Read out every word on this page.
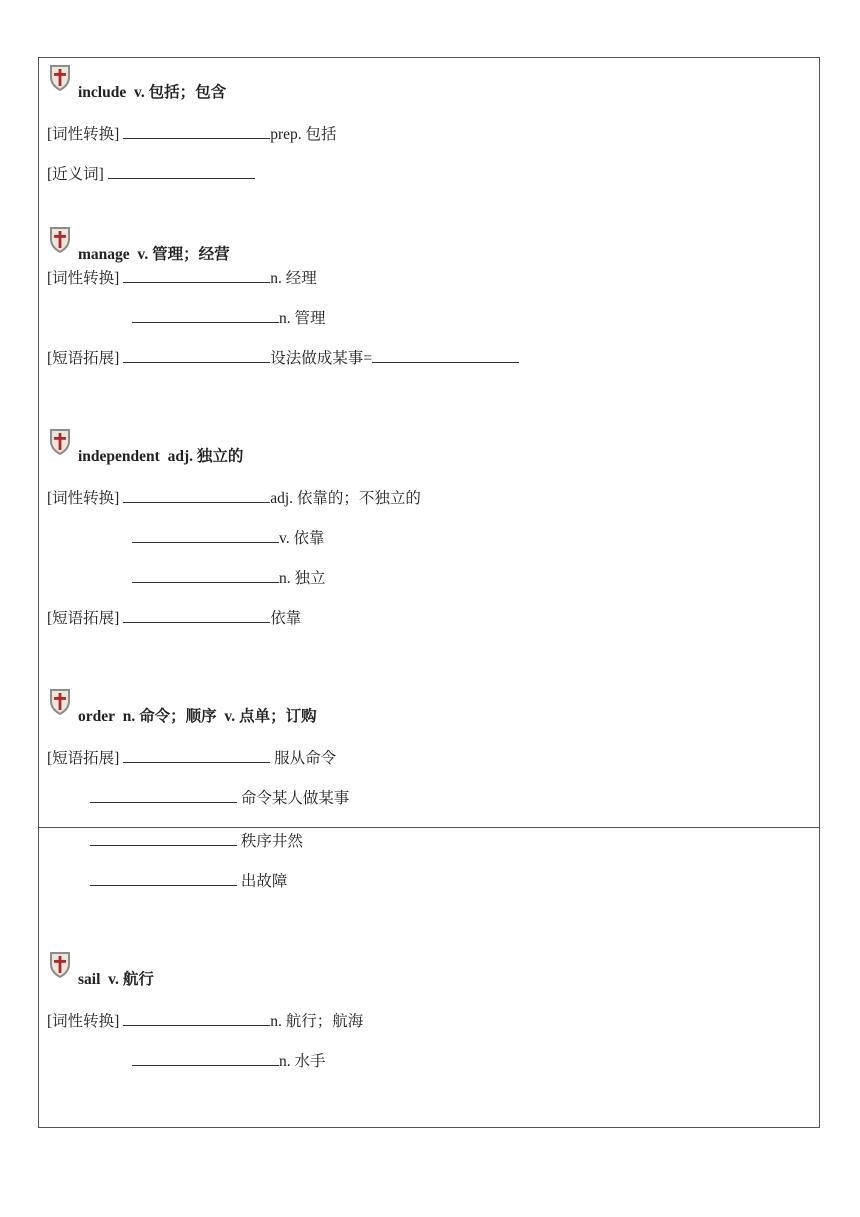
include v. 包括；包含
[词性转换]	prep. 包括
[近义词]
manage v. 管理；经营
[词性转换]	n. 经理
n. 管理
[短语拓展]	设法做成某事=
independent adj. 独立的
[词性转换]	adj. 依靠的；不独立的
v. 依靠
n. 独立
[短语拓展]	依靠
order n. 命令；顺序 v. 点单；订购
[短语拓展]	服从命令
命令某人做某事
秩序井然
出故障
sail v. 航行
[词性转换]	n. 航行；航海
n. 水手
